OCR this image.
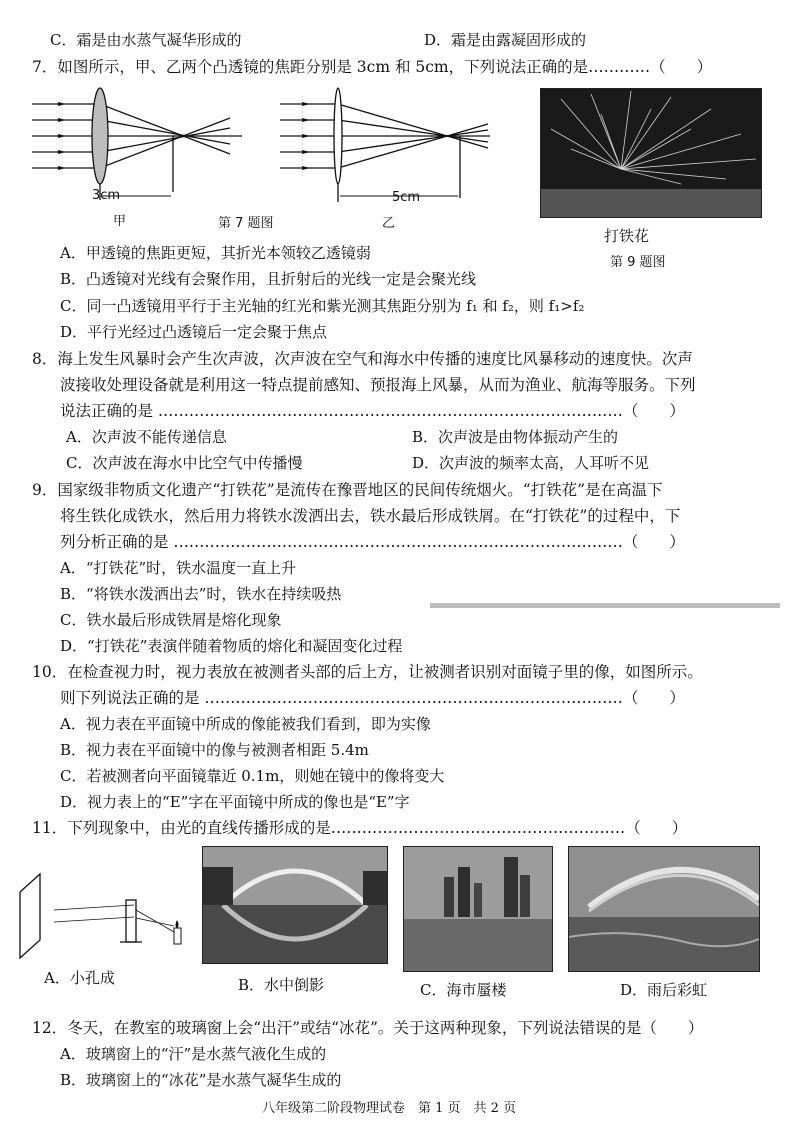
C．霜是由水蒸气凝华形成的	D．霜是由露凝固形成的
7．如图所示，甲、乙两个凸透镜的焦距分别是 3cm 和 5cm，下列说法正确的是…………（　　）
3cm
甲	第 7 题图
5cm
乙
打铁花
第 9 题图
A．甲透镜的焦距更短，其折光本领较乙透镜弱
B．凸透镜对光线有会聚作用，且折射后的光线一定是会聚光线
C．同一凸透镜用平行于主光轴的红光和紫光测其焦距分别为 f₁ 和 f₂，则 f₁>f₂
D．平行光经过凸透镜后一定会聚于焦点
8．海上发生风暴时会产生次声波，次声波在空气和海水中传播的速度比风暴移动的速度快。次声
波接收处理设备就是利用这一特点提前感知、预报海上风暴，从而为渔业、航海等服务。下列
说法正确的是 ………………………………………………………………………………（　　）
A．次声波不能传递信息	B．次声波是由物体振动产生的
C．次声波在海水中比空气中传播慢	D．次声波的频率太高，人耳听不见
9．国家级非物质文化遗产“打铁花”是流传在豫晋地区的民间传统烟火。“打铁花”是在高温下
将生铁化成铁水，然后用力将铁水泼洒出去，铁水最后形成铁屑。在“打铁花”的过程中，下
列分析正确的是 ……………………………………………………………………………（　　）
A．“打铁花”时，铁水温度一直上升
B．“将铁水泼洒出去”时，铁水在持续吸热
C．铁水最后形成铁屑是熔化现象
D．“打铁花”表演伴随着物质的熔化和凝固变化过程
10．在检查视力时，视力表放在被测者头部的后上方，让被测者识别对面镜子里的像，如图所示。
则下列说法正确的是 ………………………………………………………………………（　　）
A．视力表在平面镜中所成的像能被我们看到，即为实像
B．视力表在平面镜中的像与被测者相距 5.4m
C．若被测者向平面镜靠近 0.1m，则她在镜中的像将变大
D．视力表上的“E”字在平面镜中所成的像也是“E”字
11．下列现象中，由光的直线传播形成的是…………………………………………………（　　）
A．小孔成	B．水中倒影	C．海市蜃楼	D．雨后彩虹
12．冬天，在教室的玻璃窗上会“出汗”或结“冰花”。关于这两种现象，下列说法错误的是（　　）
A．玻璃窗上的“汗”是水蒸气液化生成的
B．玻璃窗上的“冰花”是水蒸气凝华生成的
八年级第二阶段物理试卷　第 1 页　共 2 页
